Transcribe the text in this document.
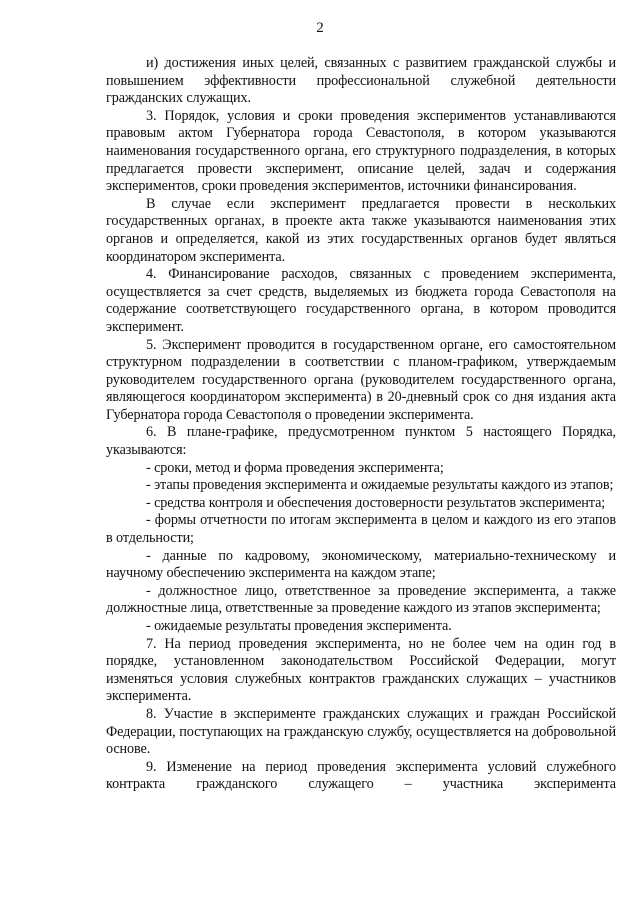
2

и) достижения иных целей, связанных с развитием гражданской службы и повышением эффективности профессиональной служебной деятельности гражданских служащих.

3. Порядок, условия и сроки проведения экспериментов устанавливаются правовым актом Губернатора города Севастополя, в котором указываются наименования государственного органа, его структурного подразделения, в которых предлагается провести эксперимент, описание целей, задач и содержания экспериментов, сроки проведения экспериментов, источники финансирования.

В случае если эксперимент предлагается провести в нескольких государственных органах, в проекте акта также указываются наименования этих органов и определяется, какой из этих государственных органов будет являться координатором эксперимента.

4. Финансирование расходов, связанных с проведением эксперимента, осуществляется за счет средств, выделяемых из бюджета города Севастополя на содержание соответствующего государственного органа, в котором проводится эксперимент.

5. Эксперимент проводится в государственном органе, его самостоятельном структурном подразделении в соответствии с планом-графиком, утверждаемым руководителем государственного органа (руководителем государственного органа, являющегося координатором эксперимента) в 20-дневный срок со дня издания акта Губернатора города Севастополя о проведении эксперимента.

6. В плане-графике, предусмотренном пунктом 5 настоящего Порядка, указываются:

- сроки, метод и форма проведения эксперимента;

- этапы проведения эксперимента и ожидаемые результаты каждого из этапов;

- средства контроля и обеспечения достоверности результатов эксперимента;

- формы отчетности по итогам эксперимента в целом и каждого из его этапов в отдельности;

- данные по кадровому, экономическому, материально-техническому и научному обеспечению эксперимента на каждом этапе;

- должностное лицо, ответственное за проведение эксперимента, а также должностные лица, ответственные за проведение каждого из этапов эксперимента;

- ожидаемые результаты проведения эксперимента.

7. На период проведения эксперимента, но не более чем на один год в порядке, установленном законодательством Российской Федерации, могут изменяться условия служебных контрактов гражданских служащих – участников эксперимента.

8. Участие в эксперименте гражданских служащих и граждан Российской Федерации, поступающих на гражданскую службу, осуществляется на добровольной основе.

9. Изменение на период проведения эксперимента условий служебного контракта гражданского служащего – участника эксперимента
